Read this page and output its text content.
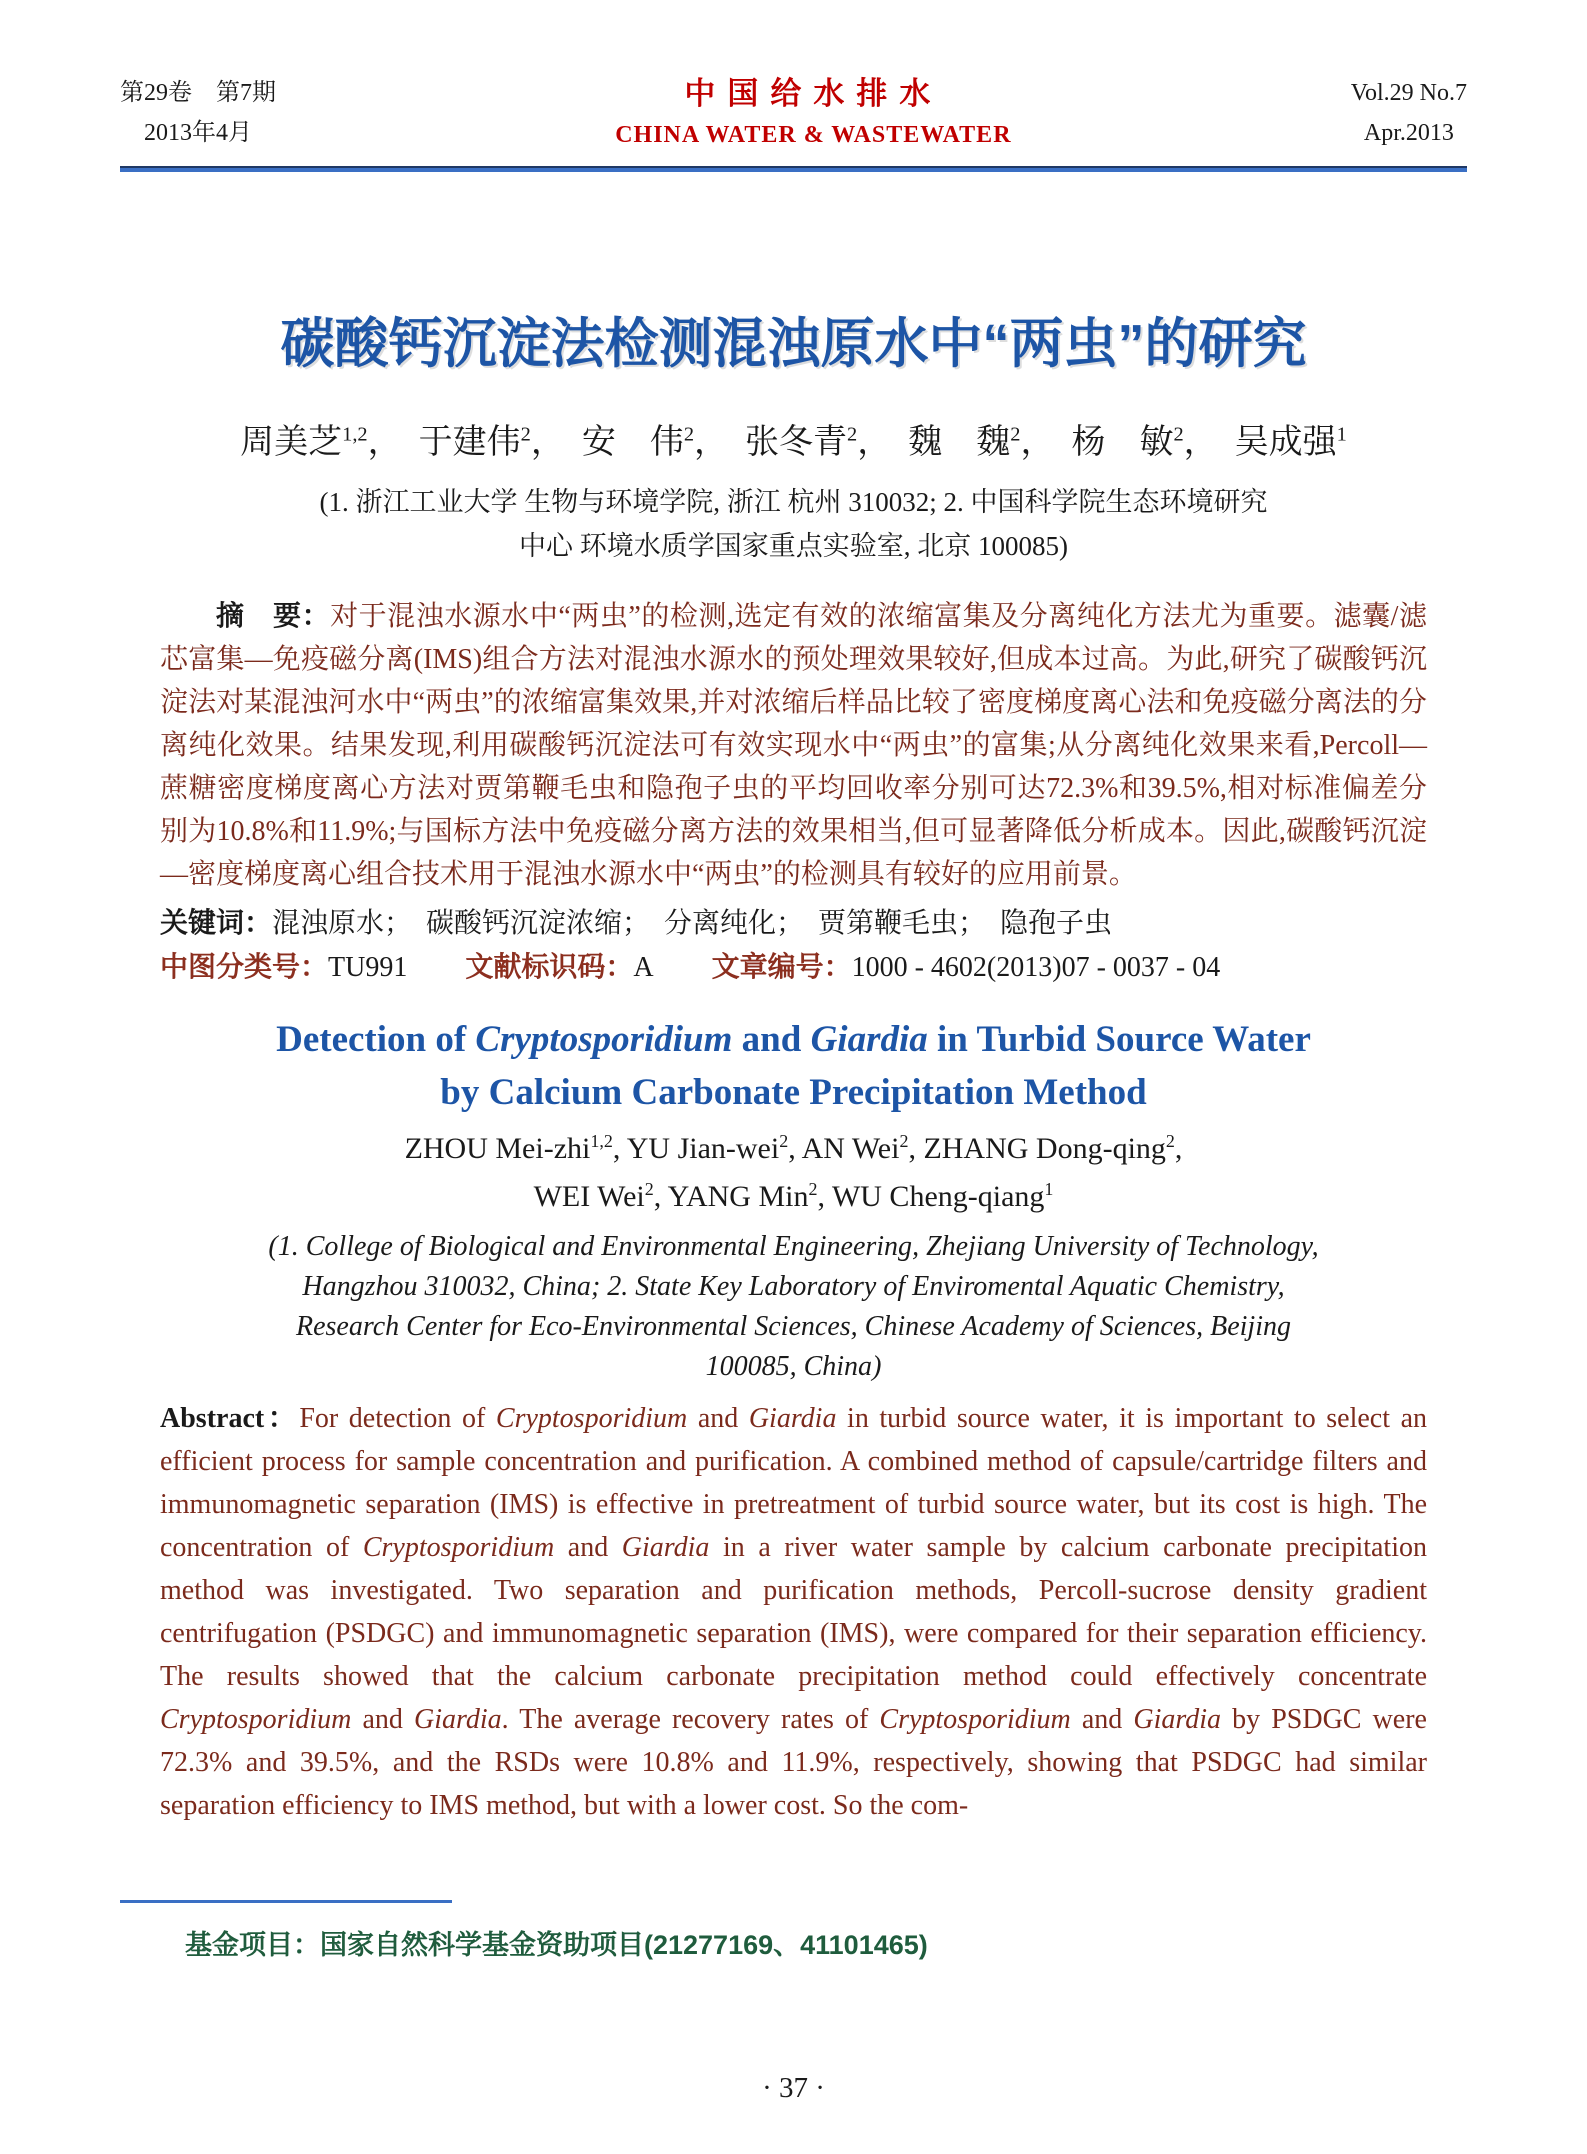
第29卷　第7期
2013年4月
中国给水排水
CHINA WATER & WASTEWATER
Vol.29 No.7
Apr.2013
碳酸钙沉淀法检测混浊原水中“两虫”的研究

周美芝$^{1,2}$，　于建伟$^2$，　安　伟$^2$，　张冬青$^2$，　魏　魏$^2$，　杨　敏$^2$，　吴成强$^1$

(1. 浙江工业大学 生物与环境学院, 浙江 杭州 310032; 2. 中国科学院生态环境研究
中心 环境水质学国家重点实验室, 北京 100085)

摘　要：对于混浊水源水中“两虫”的检测,选定有效的浓缩富集及分离纯化方法尤为重要。滤囊/滤芯富集—免疫磁分离(IMS)组合方法对混浊水源水的预处理效果较好,但成本过高。为此,研究了碳酸钙沉淀法对某混浊河水中“两虫”的浓缩富集效果,并对浓缩后样品比较了密度梯度离心法和免疫磁分离法的分离纯化效果。结果发现,利用碳酸钙沉淀法可有效实现水中“两虫”的富集;从分离纯化效果来看,Percoll—蔗糖密度梯度离心方法对贾第鞭毛虫和隐孢子虫的平均回收率分别可达72.3%和39.5%,相对标准偏差分别为10.8%和11.9%;与国标方法中免疫磁分离方法的效果相当,但可显著降低分析成本。因此,碳酸钙沉淀—密度梯度离心组合技术用于混浊水源水中“两虫”的检测具有较好的应用前景。

关键词：混浊原水；　碳酸钙沉淀浓缩；　分离纯化；　贾第鞭毛虫；　隐孢子虫

中图分类号：TU991 文献标识码：A 文章编号：1000 - 4602(2013)07 - 0037 - 04

Detection of Cryptosporidium and Giardia in Turbid Source Water
by Calcium Carbonate Precipitation Method
ZHOU Mei-zhi$^{1,2}$, YU Jian-wei$^2$, AN Wei$^2$, ZHANG Dong-qing$^2$,
WEI Wei$^2$, YANG Min$^2$, WU Cheng-qiang$^1$
(1. College of Biological and Environmental Engineering, Zhejiang University of Technology,
Hangzhou 310032, China; 2. State Key Laboratory of Enviromental Aquatic Chemistry,
Research Center for Eco-Environmental Sciences, Chinese Academy of Sciences, Beijing
100085, China)

Abstract：For detection of Cryptosporidium and Giardia in turbid source water, it is important to select an efficient process for sample concentration and purification. A combined method of capsule/cartridge filters and immunomagnetic separation (IMS) is effective in pretreatment of turbid source water, but its cost is high. The concentration of Cryptosporidium and Giardia in a river water sample by calcium carbonate precipitation method was investigated. Two separation and purification methods, Percoll-sucrose density gradient centrifugation (PSDGC) and immunomagnetic separation (IMS), were compared for their separation efficiency. The results showed that the calcium carbonate precipitation method could effectively concentrate Cryptosporidium and Giardia. The average recovery rates of Cryptosporidium and Giardia by PSDGC were 72.3% and 39.5%, and the RSDs were 10.8% and 11.9%, respectively, showing that PSDGC had similar separation efficiency to IMS method, but with a lower cost. So the com-

基金项目：国家自然科学基金资助项目(21277169、41101465)
· 37 ·
